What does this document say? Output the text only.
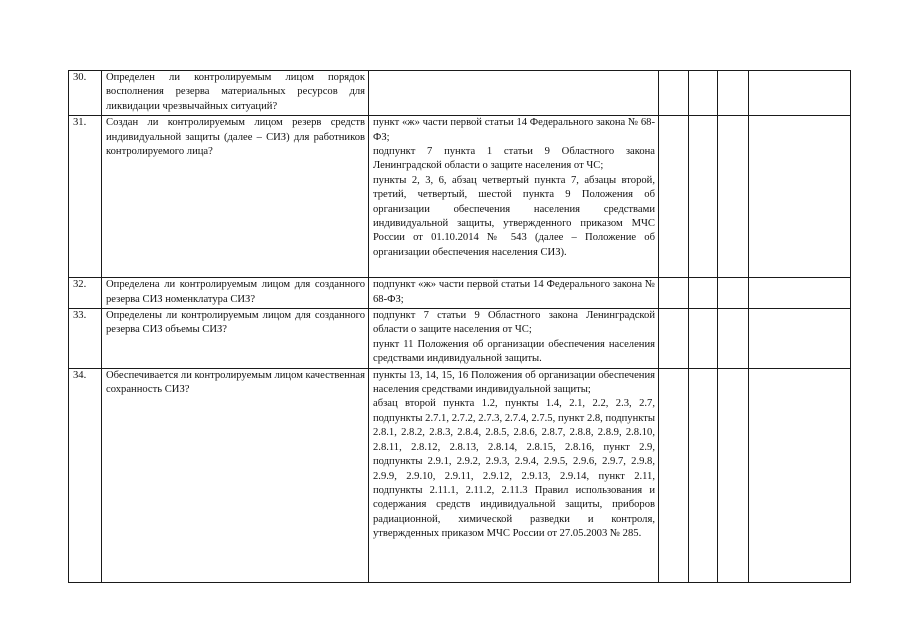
30.	Определен ли контролируемым лицом порядок восполнения резерва материальных ресурсов для ликвидации чрезвычайных ситуаций?					
31.	Создан ли контролируемым лицом резерв средств индивидуальной защиты (далее – СИЗ) для работников контролируемого лица?	пункт «ж» части первой статьи 14 Федерального закона № 68-ФЗ;

подпункт 7 пункта 1 статьи 9 Областного закона Ленинградской области о защите населения от ЧС;

пункты 2, 3, 6, абзац четвертый пункта 7, абзацы второй, третий, четвертый, шестой пункта 9 Положения об организации обеспечения населения средствами индивидуальной защиты, утвержденного приказом МЧС России от 01.10.2014 № 543 (далее – Положение об организации обеспечения населения СИЗ).				

32.	Определена ли контролируемым лицом для созданного резерва СИЗ номенклатура СИЗ?	подпункт «ж» части первой статьи 14 Федерального закона № 68-ФЗ;				

33.	Определены ли контролируемым лицом для созданного резерва СИЗ объемы СИЗ?	подпункт 7 статьи 9 Областного закона Ленинградской области о защите населения от ЧС;

пункт 11 Положения об организации обеспечения населения средствами индивидуальной защиты.				

34.	Обеспечивается ли контролируемым лицом качественная сохранность СИЗ?	пункты 13, 14, 15, 16 Положения об организации обеспечения населения средствами индивидуальной защиты;

абзац второй пункта 1.2, пункты 1.4, 2.1, 2.2, 2.3, 2.7, подпункты 2.7.1, 2.7.2, 2.7.3, 2.7.4, 2.7.5, пункт 2.8, подпункты 2.8.1, 2.8.2, 2.8.3, 2.8.4, 2.8.5, 2.8.6, 2.8.7, 2.8.8, 2.8.9, 2.8.10, 2.8.11, 2.8.12, 2.8.13, 2.8.14, 2.8.15, 2.8.16, пункт 2.9, подпункты 2.9.1, 2.9.2, 2.9.3, 2.9.4, 2.9.5, 2.9.6, 2.9.7, 2.9.8, 2.9.9, 2.9.10, 2.9.11, 2.9.12, 2.9.13, 2.9.14, пункт 2.11, подпункты 2.11.1, 2.11.2, 2.11.3 Правил использования и содержания средств индивидуальной защиты, приборов радиационной, химической разведки и контроля, утвержденных приказом МЧС России от 27.05.2003 № 285.				
